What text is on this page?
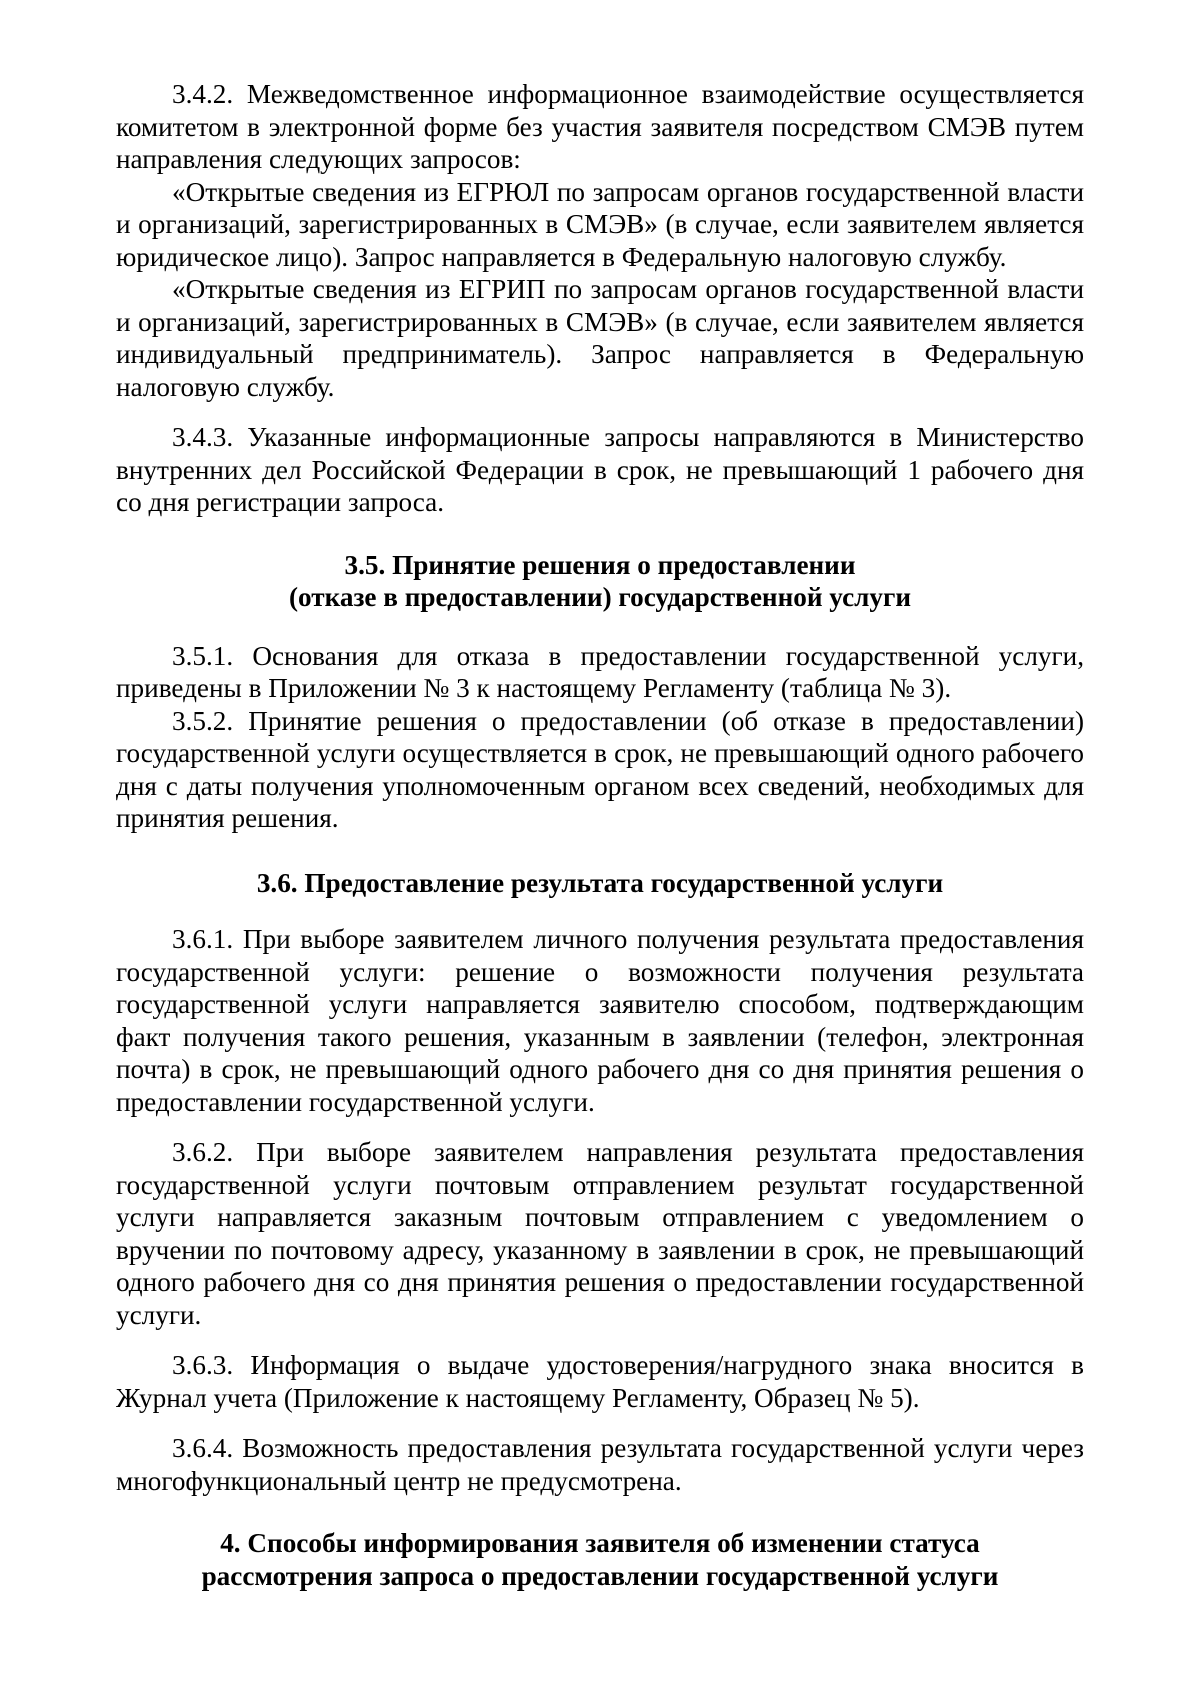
3.4.2. Межведомственное информационное взаимодействие осуществляется комитетом в электронной форме без участия заявителя посредством СМЭВ путем направления следующих запросов:

«Открытые сведения из ЕГРЮЛ по запросам органов государственной власти и организаций, зарегистрированных в СМЭВ» (в случае, если заявителем является юридическое лицо). Запрос направляется в Федеральную налоговую службу.

«Открытые сведения из ЕГРИП по запросам органов государственной власти и организаций, зарегистрированных в СМЭВ» (в случае, если заявителем является индивидуальный предприниматель). Запрос направляется в Федеральную налоговую службу.

3.4.3. Указанные информационные запросы направляются в Министерство внутренних дел Российской Федерации в срок, не превышающий 1 рабочего дня со дня регистрации запроса.

3.5. Принятие решения о предоставлении
(отказе в предоставлении) государственной услуги

3.5.1. Основания для отказа в предоставлении государственной услуги, приведены в Приложении № 3 к настоящему Регламенту (таблица № 3).

3.5.2. Принятие решения о предоставлении (об отказе в предоставлении) государственной услуги осуществляется в срок, не превышающий одного рабочего дня с даты получения уполномоченным органом всех сведений, необходимых для принятия решения.

3.6. Предоставление результата государственной услуги

3.6.1. При выборе заявителем личного получения результата предоставления государственной услуги: решение о возможности получения результата государственной услуги направляется заявителю способом, подтверждающим факт получения такого решения, указанным в заявлении (телефон, электронная почта) в срок, не превышающий одного рабочего дня со дня принятия решения о предоставлении государственной услуги.

3.6.2. При выборе заявителем направления результата предоставления государственной услуги почтовым отправлением результат государственной услуги направляется заказным почтовым отправлением с уведомлением о вручении по почтовому адресу, указанному в заявлении в срок, не превышающий одного рабочего дня со дня принятия решения о предоставлении государственной услуги.

3.6.3. Информация о выдаче удостоверения/нагрудного знака вносится в Журнал учета (Приложение к настоящему Регламенту, Образец № 5).

3.6.4. Возможность предоставления результата государственной услуги через многофункциональный центр не предусмотрена.

4. Способы информирования заявителя об изменении статуса
рассмотрения запроса о предоставлении государственной услуги
